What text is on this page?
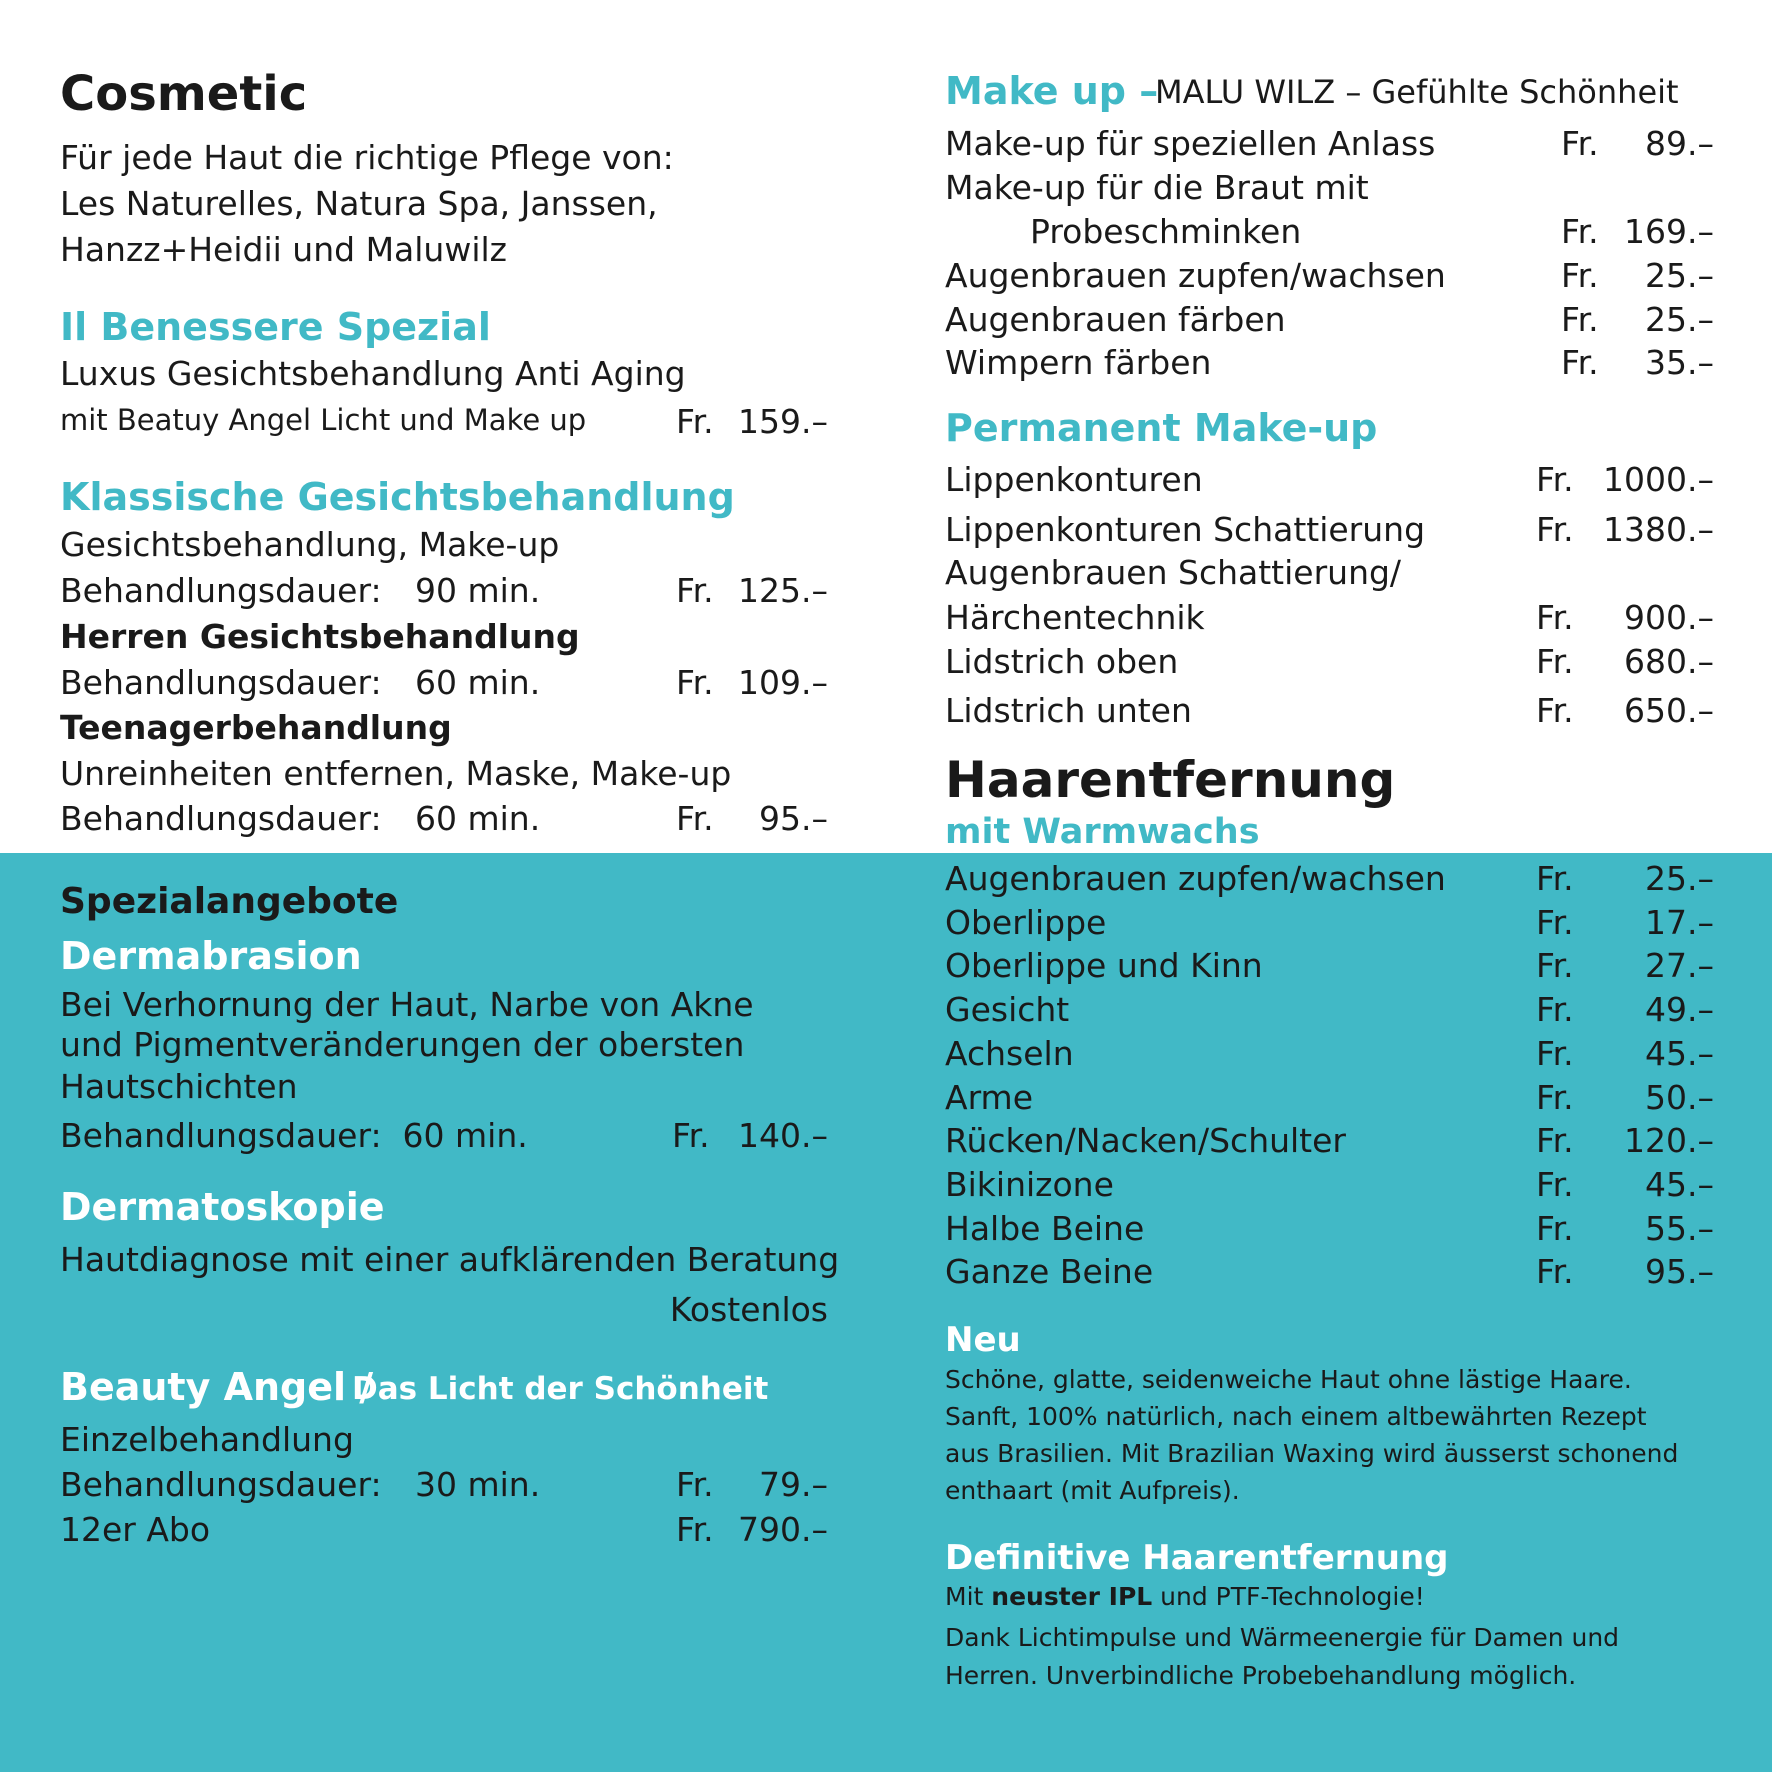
Cosmetic
Für jede Haut die richtige Pflege von:
Les Naturelles, Natura Spa, Janssen,
Hanzz+Heidii und Maluwilz
Il Benessere Spezial
Luxus Gesichtsbehandlung Anti Aging
mit Beatuy Angel Licht und Make up	Fr. 159.–
Klassische Gesichtsbehandlung
Gesichtsbehandlung, Make-up
Behandlungsdauer: 90 min.	Fr. 125.–
Herren Gesichtsbehandlung
Behandlungsdauer: 60 min.	Fr. 109.–
Teenagerbehandlung
Unreinheiten entfernen, Maske, Make-up
Behandlungsdauer: 60 min.	Fr.	95.–
Spezialangebote
Dermabrasion
Bei Verhornung der Haut, Narbe von Akne
und Pigmentveränderungen der obersten
Hautschichten
Behandlungsdauer:  60 min.	Fr. 140.–
Dermatoskopie
Hautdiagnose mit einer aufklärenden Beratung
Kostenlos
Beauty Angel /
Das Licht der Schönheit
Einzelbehandlung
Behandlungsdauer: 30 min.	Fr.	79.–
12er Abo	Fr. 790.–
Make up –
MALU WILZ – Gefühlte Schönheit
Make-up für speziellen Anlass	Fr.	89.–
Make-up für die Braut mit
Probeschminken	Fr. 169.–
Augenbrauen zupfen/wachsen	Fr.	25.–
Augenbrauen färben	Fr.	25.–
Wimpern färben	Fr.	35.–
Permanent Make-up
Lippenkonturen	Fr. 1000.–
Lippenkonturen Schattierung	Fr. 1380.–
Augenbrauen Schattierung/
Härchentechnik	Fr.	900.–
Lidstrich oben	Fr.	680.–
Lidstrich unten	Fr.	650.–
Haarentfernung
mit Warmwachs
Augenbrauen zupfen/wachsen	Fr.	25.–
Oberlippe	Fr.	17.–
Oberlippe und Kinn	Fr.	27.–
Gesicht	Fr.	49.–
Achseln	Fr.	45.–
Arme	Fr.	50.–
Rücken/Nacken/Schulter	Fr.	120.–
Bikinizone	Fr.	45.–
Halbe Beine	Fr.	55.–
Ganze Beine	Fr.	95.–
Neu
Schöne, glatte, seidenweiche Haut ohne lästige Haare.
Sanft, 100% natürlich, nach einem altbewährten Rezept
aus Brasilien. Mit Brazilian Waxing wird äusserst schonend
enthaart (mit Aufpreis).
Definitive Haarentfernung
Mit neuster IPL und PTF-Technologie!
Dank Lichtimpulse und Wärmeenergie für Damen und
Herren. Unverbindliche Probebehandlung möglich.
